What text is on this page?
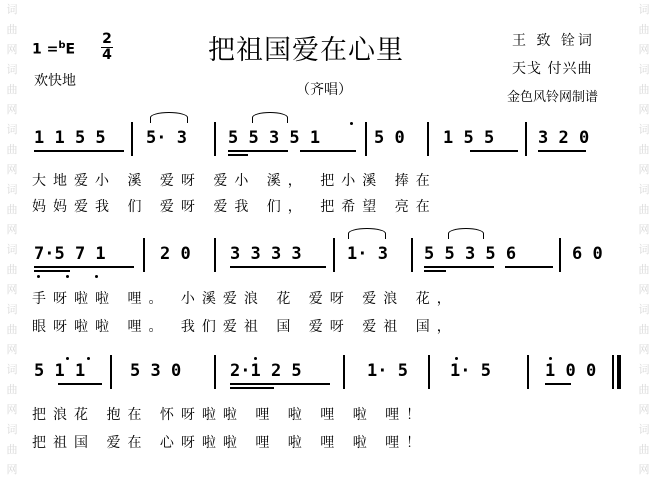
词
曲
网
词
曲
网
词
曲
网
词
曲
网
词
曲
网
词
曲
网
词
曲
网
词
曲
网
词
曲
网
词
曲
网
词
曲
网
词
曲
网
词
曲
网
词
曲
网
词
曲
网
词
曲
网
1 =$^b$E
2
4
欢快地
把祖国爱在心里
（齐唱）
王 致 铨词
天戈 付兴曲
金色风铃网制谱
1 1 5 5 5· 3 5 5 3 5 1	5 0 1 5 5	3 2 0
大地爱小 溪 爱呀 爱小 溪， 把小溪 捧在
妈妈爱我 们 爱呀 爱我 们， 把希望 亮在
7·5 7 1	2 0 3 3 3 3	1· 3 5 5 3 5 6	6 0
手呀啦啦 哩。 小溪爱浪 花 爱呀 爱浪 花，
眼呀啦啦 哩。 我们爱祖 国 爱呀 爱祖 国，
5 1 1	5 3 0	2·1 2 5	1· 5 1· 5	1 0 0
把浪花 抱在 怀呀啦啦 哩 啦 哩 啦 哩！
把祖国 爱在 心呀啦啦 哩 啦 哩 啦 哩！
